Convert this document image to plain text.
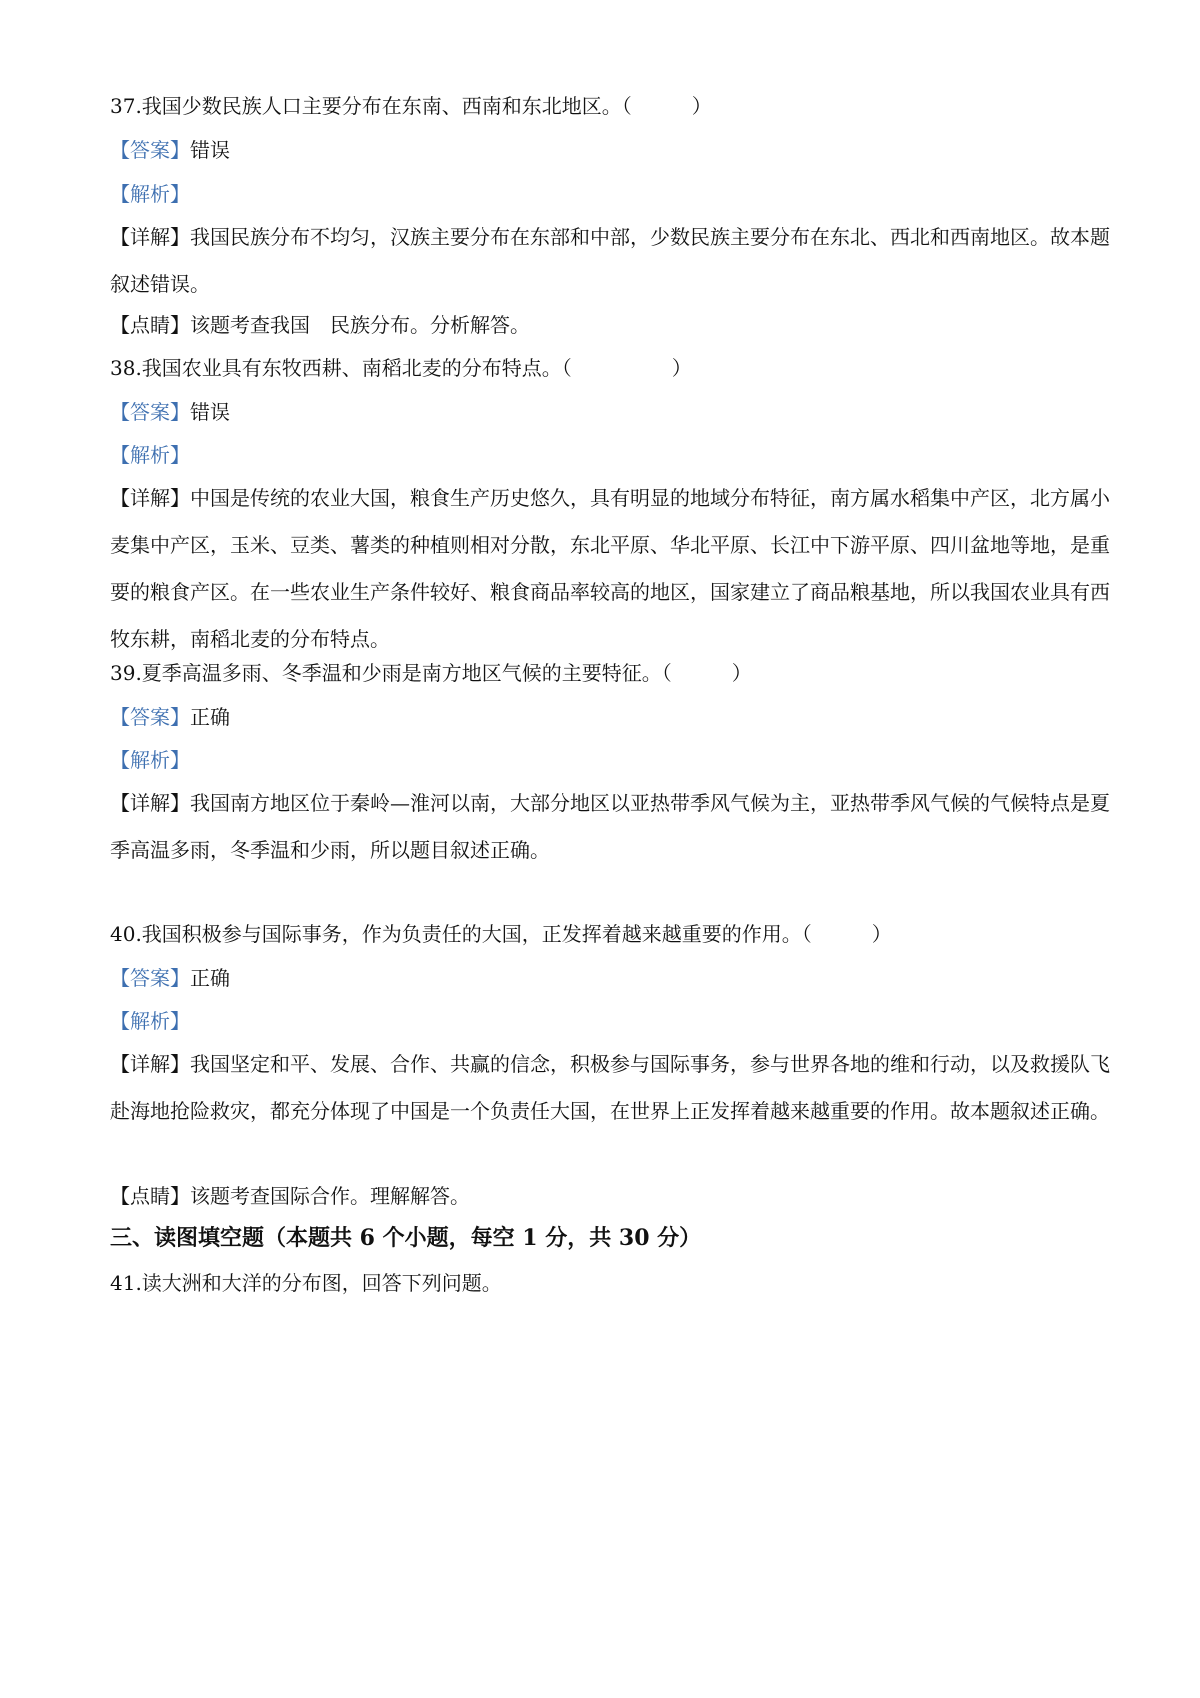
37.我国少数民族人口主要分布在东南、西南和东北地区。（　　　）
【答案】错误
【解析】
【详解】我国民族分布不均匀，汉族主要分布在东部和中部，少数民族主要分布在东北、西北和西南地区。故本题叙述错误。
【点睛】该题考查我国　民族分布。分析解答。
38.我国农业具有东牧西耕、南稻北麦的分布特点。（　　　　　）
【答案】错误
【解析】
【详解】中国是传统的农业大国，粮食生产历史悠久，具有明显的地域分布特征，南方属水稻集中产区，北方属小麦集中产区，玉米、豆类、薯类的种植则相对分散，东北平原、华北平原、长江中下游平原、四川盆地等地，是重要的粮食产区。在一些农业生产条件较好、粮食商品率较高的地区，国家建立了商品粮基地，所以我国农业具有西牧东耕，南稻北麦的分布特点。
39.夏季高温多雨、冬季温和少雨是南方地区气候的主要特征。（　　　）
【答案】正确
【解析】
【详解】我国南方地区位于秦岭—淮河以南，大部分地区以亚热带季风气候为主，亚热带季风气候的气候特点是夏季高温多雨，冬季温和少雨，所以题目叙述正确。
40.我国积极参与国际事务，作为负责任的大国，正发挥着越来越重要的作用。（　　　）
【答案】正确
【解析】
【详解】我国坚定和平、发展、合作、共赢的信念，积极参与国际事务，参与世界各地的维和行动，以及救援队飞赴海地抢险救灾，都充分体现了中国是一个负责任大国，在世界上正发挥着越来越重要的作用。故本题叙述正确。
【点睛】该题考查国际合作。理解解答。
三、读图填空题（本题共 6 个小题，每空 1 分，共 30 分）
41.读大洲和大洋的分布图，回答下列问题。
